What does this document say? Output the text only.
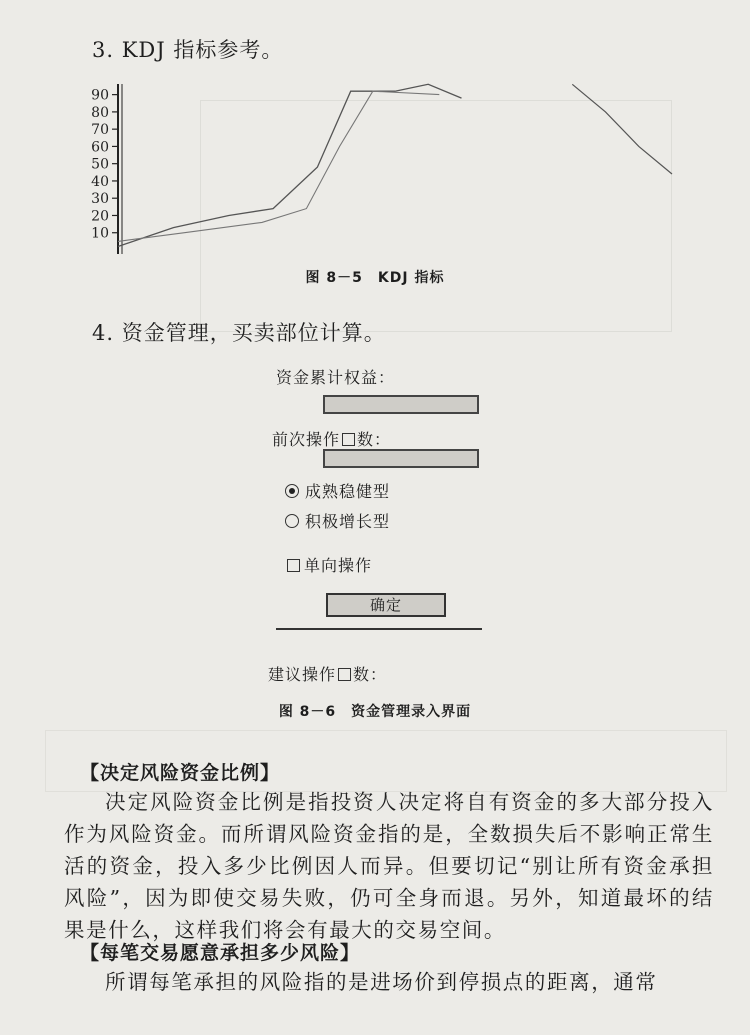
3. KDJ 指标参考。
10
20
30
40
50
60
70
80
90
图 8－5　KDJ 指标
4. 资金管理，买卖部位计算。
资金累计权益：
前次操作 数：
成熟稳健型
积极增长型
单向操作
确定
建议操作 数：
图 8－6　资金管理录入界面
【决定风险资金比例】

决定风险资金比例是指投资人决定将自有资金的多大部分投入作为风险资金。而所谓风险资金指的是，全数损失后不影响正常生活的资金，投入多少比例因人而异。但要切记“别让所有资金承担风险”，因为即使交易失败，仍可全身而退。另外，知道最坏的结果是什么，这样我们将会有最大的交易空间。

【每笔交易愿意承担多少风险】

所谓每笔承担的风险指的是进场价到停损点的距离，通常
